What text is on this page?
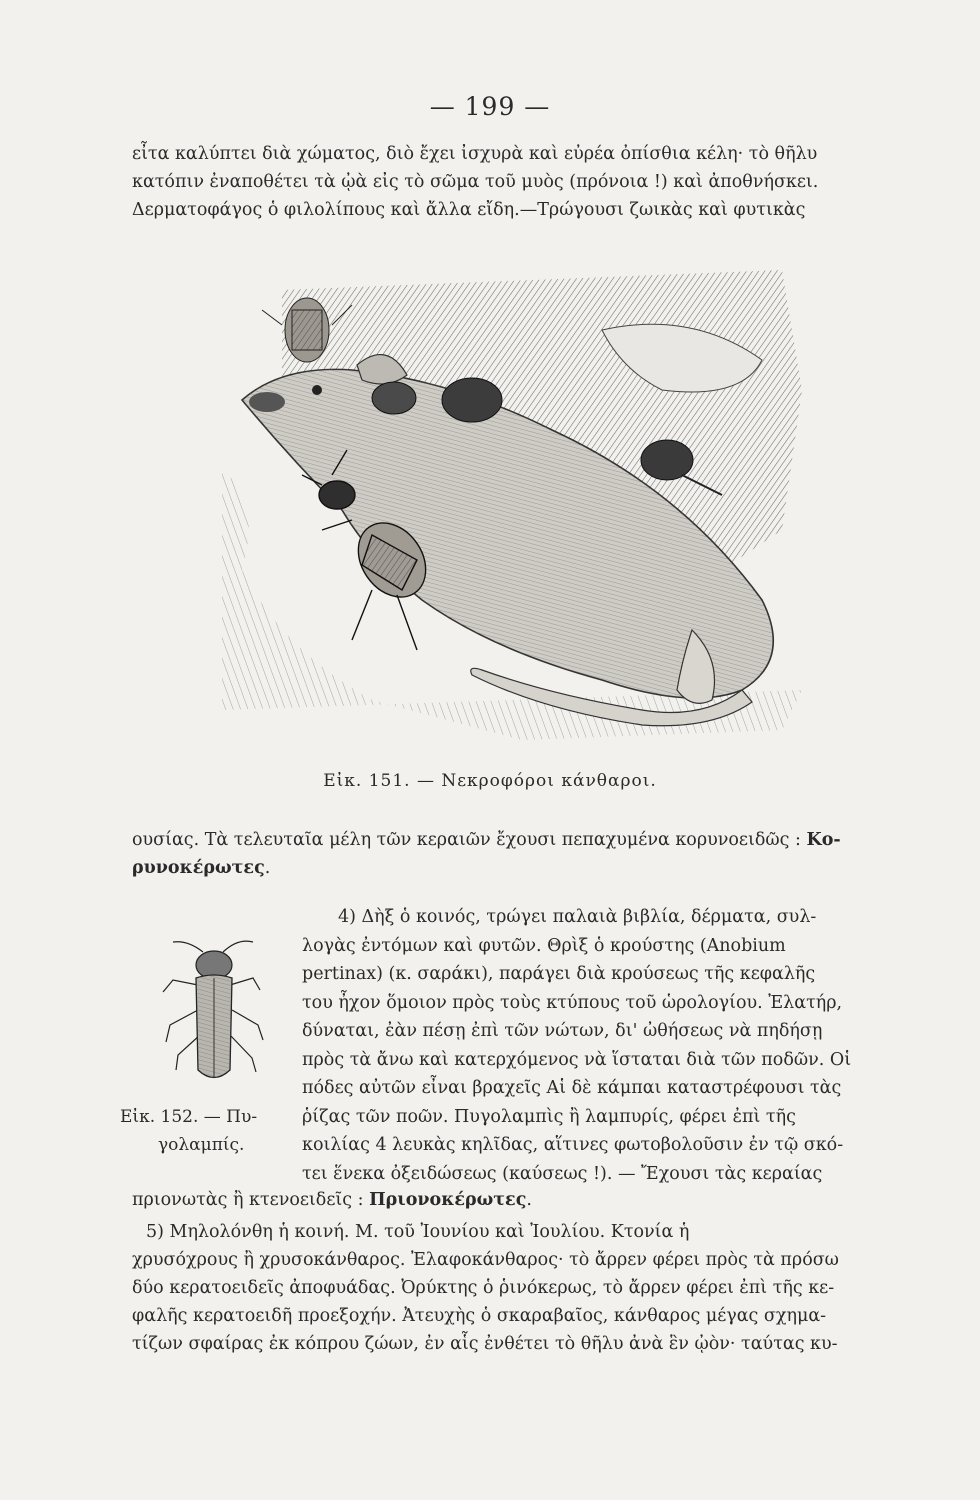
— 199 —
εἶτα καλύπτει διὰ χώματος, διὸ ἔχει ἰσχυρὰ καὶ εὐρέα ὀπίσθια κέλη· τὸ θῆλυ
κατόπιν ἐναποθέτει τὰ ᾠὰ εἰς τὸ σῶμα τοῦ μυὸς (πρόνοια !) καὶ ἀποθνήσκει.
Δερματοφάγος ὁ φιλολίπους καὶ ἄλλα εἴδη.—Τρώγουσι ζωικὰς καὶ φυτικὰς
Εἰκ. 151. — Νεκροφόροι κάνθαροι.
ουσίας. Τὰ τελευταῖα μέλη τῶν κεραιῶν ἔχουσι πεπαχυμένα κορυνοειδῶς : Κο-
ρυνοκέρωτες.
Εἰκ. 152. — Πυ-
γολαμπίς.
4) Δὴξ ὁ κοινός, τρώγει παλαιὰ βιβλία, δέρματα, συλ-
λογὰς ἐντόμων καὶ φυτῶν. Θρὶξ ὁ κρούστης (Anobium
pertinax) (κ. σαράκι), παράγει διὰ κρούσεως τῆς κεφαλῆς
του ἦχον ὅμοιον πρὸς τοὺς κτύπους τοῦ ὡρολογίου. Ἐλατήρ,
δύναται, ἐὰν πέσῃ ἐπὶ τῶν νώτων, δι' ὠθήσεως νὰ πηδήσῃ
πρὸς τὰ ἄνω καὶ κατερχόμενος νὰ ἵσταται διὰ τῶν ποδῶν. Οἱ
πόδες αὐτῶν εἶναι βραχεῖς Αἱ δὲ κάμπαι καταστρέφουσι τὰς
ῥίζας τῶν ποῶν. Πυγολαμπὶς ἢ λαμπυρίς, φέρει ἐπὶ τῆς
κοιλίας 4 λευκὰς κηλῖδας, αἵτινες φωτοβολοῦσιν ἐν τῷ σκό-
τει ἕνεκα ὀξειδώσεως (καύσεως !). — Ἔχουσι τὰς κεραίας
πριονωτὰς ἢ κτενοειδεῖς : Πριονοκέρωτες.
5) Μηλολόνθη ἡ κοινή. Μ. τοῦ Ἰουνίου καὶ Ἰουλίου. Κτονία ἡ
χρυσόχρους ἢ χρυσοκάνθαρος. Ἐλαφοκάνθαρος· τὸ ἄρρεν φέρει πρὸς τὰ πρόσω
δύο κερατοειδεῖς ἀποφυάδας. Ὀρύκτης ὁ ῥινόκερως, τὸ ἄρρεν φέρει ἐπὶ τῆς κε-
φαλῆς κερατοειδῆ προεξοχήν. Ἀτευχὴς ὁ σκαραβαῖος, κάνθαρος μέγας σχημα-
τίζων σφαίρας ἐκ κόπρου ζώων, ἐν αἷς ἐνθέτει τὸ θῆλυ ἀνὰ ἓν ᾠὸν· ταύτας κυ-
